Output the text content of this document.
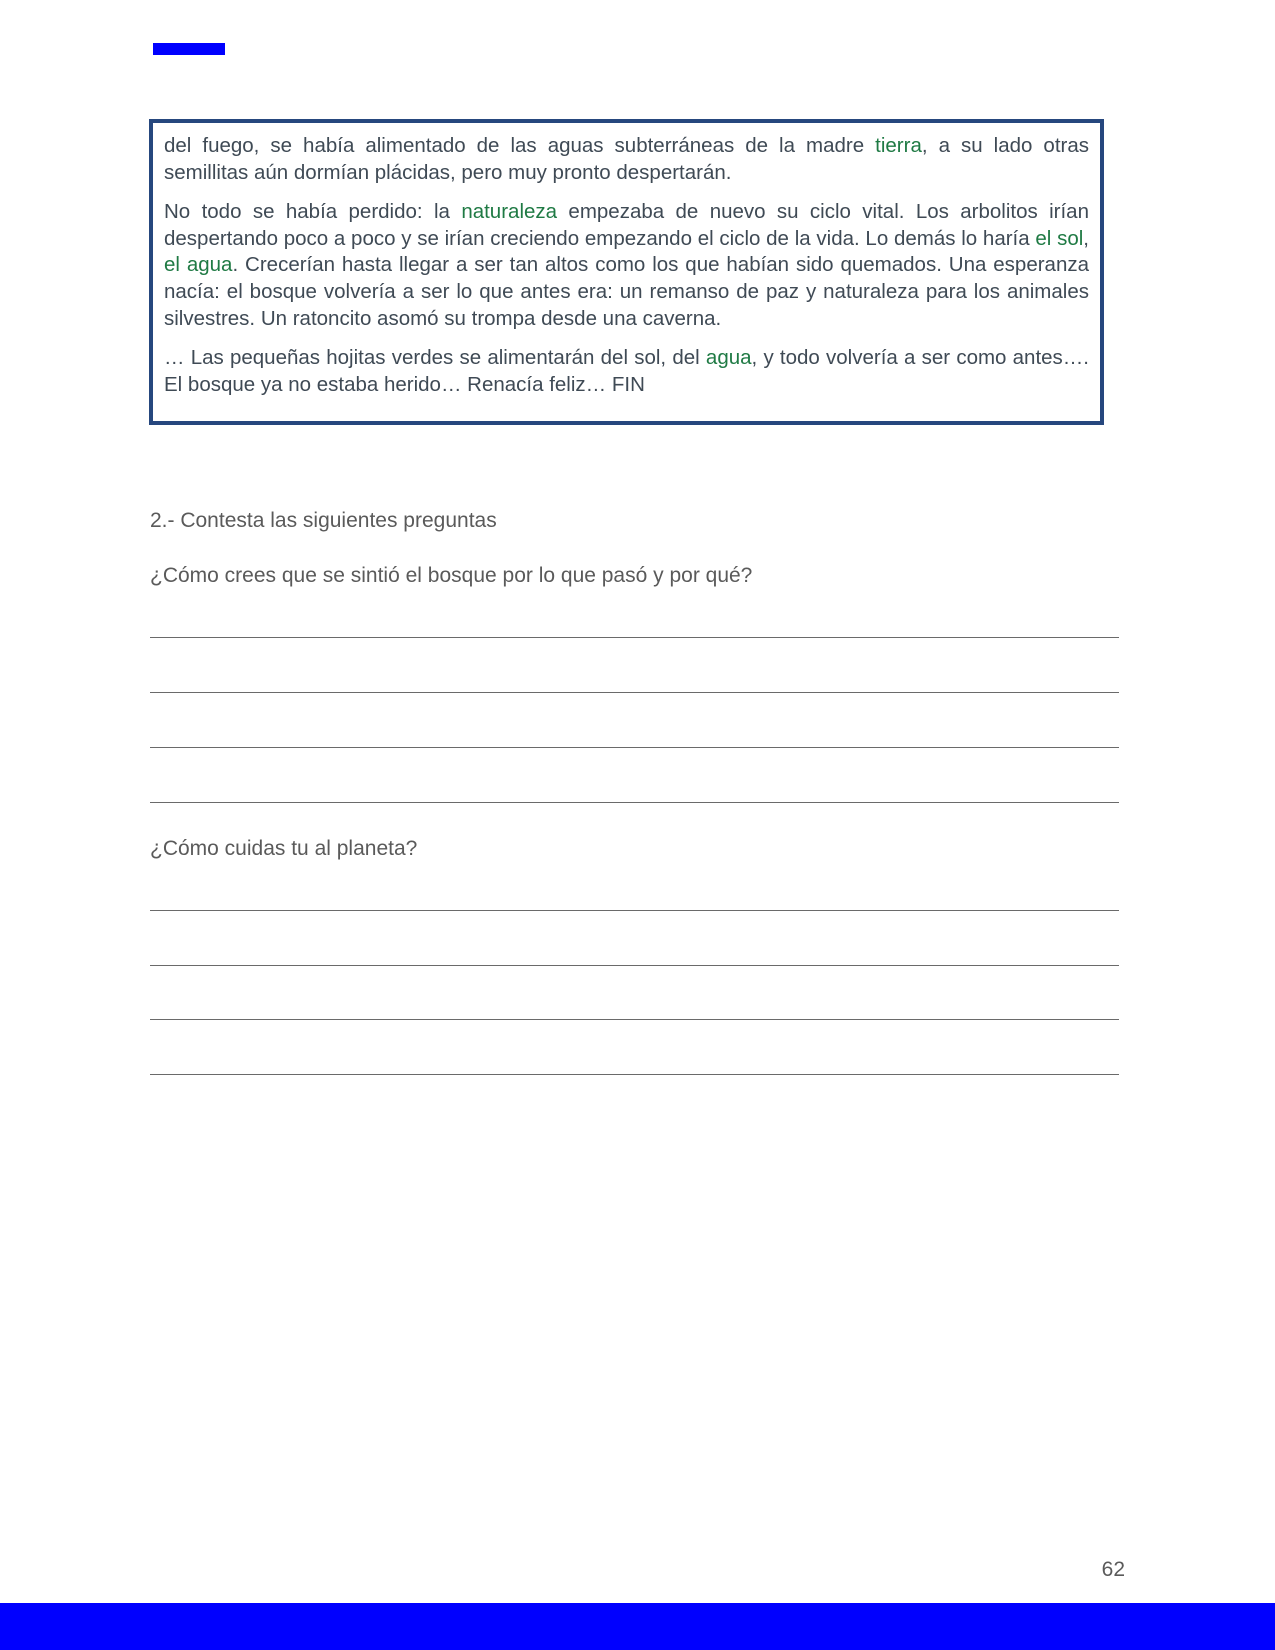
del fuego, se había alimentado de las aguas subterráneas de la madre tierra, a su lado otras semillitas aún dormían plácidas, pero muy pronto despertarán.

No todo se había perdido: la naturaleza empezaba de nuevo su ciclo vital. Los arbolitos irían despertando poco a poco y se irían creciendo empezando el ciclo de la vida. Lo demás lo haría el sol, el agua. Crecerían hasta llegar a ser tan altos como los que habían sido quemados. Una esperanza nacía: el bosque volvería a ser lo que antes era: un remanso de paz y naturaleza para los animales silvestres. Un ratoncito asomó su trompa desde una caverna.

… Las pequeñas hojitas verdes se alimentarán del sol, del agua, y todo volvería a ser como antes…. El bosque ya no estaba herido… Renacía feliz… FIN

2.- Contesta las siguientes preguntas

¿Cómo crees que se sintió el bosque por lo que pasó y por qué?

¿Cómo cuidas tu al planeta?

62
